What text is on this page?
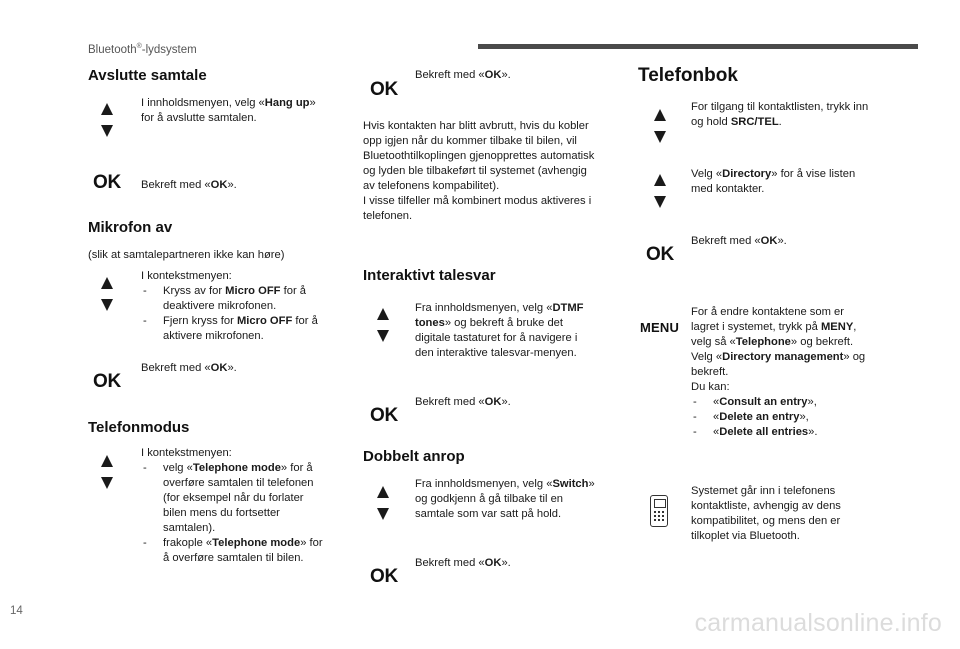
Bluetooth®-lydsystem
Avslutte samtale
I innholdsmenyen, velg «Hang up»
for å avslutte samtalen.
OK Bekreft med «OK».
Mikrofon av
(slik at samtalepartneren ikke kan høre)
I kontekstmenyen:
- Kryss av for Micro OFF for å
deaktivere mikrofonen.
- Fjern kryss for Micro OFF for å
aktivere mikrofonen.
Bekreft med «OK».
OK
Telefonmodus
I kontekstmenyen:
- velg «Telephone mode» for å
overføre samtalen til telefonen
(for eksempel når du forlater
bilen mens du fortsetter
samtalen).
- frakople «Telephone mode» for
å overføre samtalen til bilen.
Bekreft med «OK».
OK
Hvis kontakten har blitt avbrutt, hvis du kobler
opp igjen når du kommer tilbake til bilen, vil
Bluetoothtilkoplingen gjenopprettes automatisk
og lyden ble tilbakeført til systemet (avhengig
av telefonens kompabilitet).
I visse tilfeller må kombinert modus aktiveres i
telefonen.
Interaktivt talesvar
Fra innholdsmenyen, velg «DTMF
tones» og bekreft å bruke det
digitale tastaturet for å navigere i
den interaktive talesvar-menyen.
Bekreft med «OK».
OK
Dobbelt anrop
Fra innholdsmenyen, velg «Switch»
og godkjenn å gå tilbake til en
samtale som var satt på hold.
Bekreft med «OK».
OK
Telefonbok
For tilgang til kontaktlisten, trykk inn
og hold SRC/TEL.
Velg «Directory» for å vise listen
med kontakter.
Bekreft med «OK».
OK
MENU
For å endre kontaktene som er
lagret i systemet, trykk på MENY,
velg så «Telephone» og bekreft.
Velg «Directory management» og
bekreft.
Du kan:
- «Consult an entry»,
- «Delete an entry»,
- «Delete all entries».
Systemet går inn i telefonens
kontaktliste, avhengig av dens
kompatibilitet, og mens den er
tilkoplet via Bluetooth.
14	carmanualsonline.info
